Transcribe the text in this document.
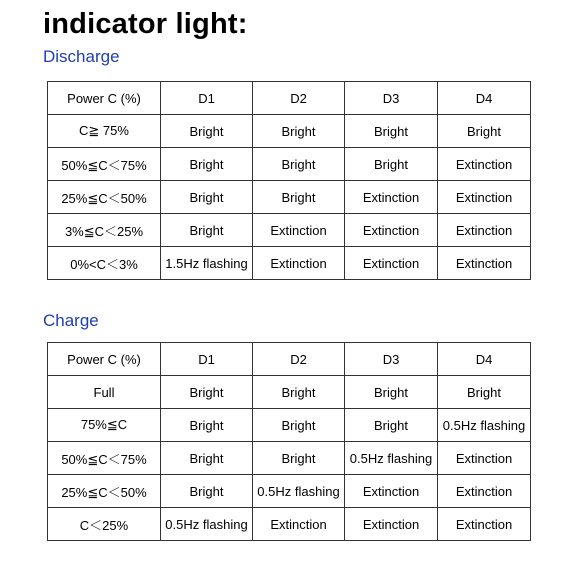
indicator light:
Discharge
Power C (%)	D1	D2	D3	D4
C≧ 75%	Bright	Bright	Bright	Bright
50%≦C＜75%	Bright	Bright	Bright	Extinction
25%≦C＜50%	Bright	Bright	Extinction	Extinction
3%≦C＜25%	Bright	Extinction	Extinction	Extinction
0%<C＜3%	1.5Hz flashing	Extinction	Extinction	Extinction
Charge
Power C (%)	D1	D2	D3	D4
Full	Bright	Bright	Bright	Bright
75%≦C	Bright	Bright	Bright	0.5Hz flashing
50%≦C＜75%	Bright	Bright	0.5Hz flashing	Extinction
25%≦C＜50%	Bright	0.5Hz flashing	Extinction	Extinction
C＜25%	0.5Hz flashing	Extinction	Extinction	Extinction
